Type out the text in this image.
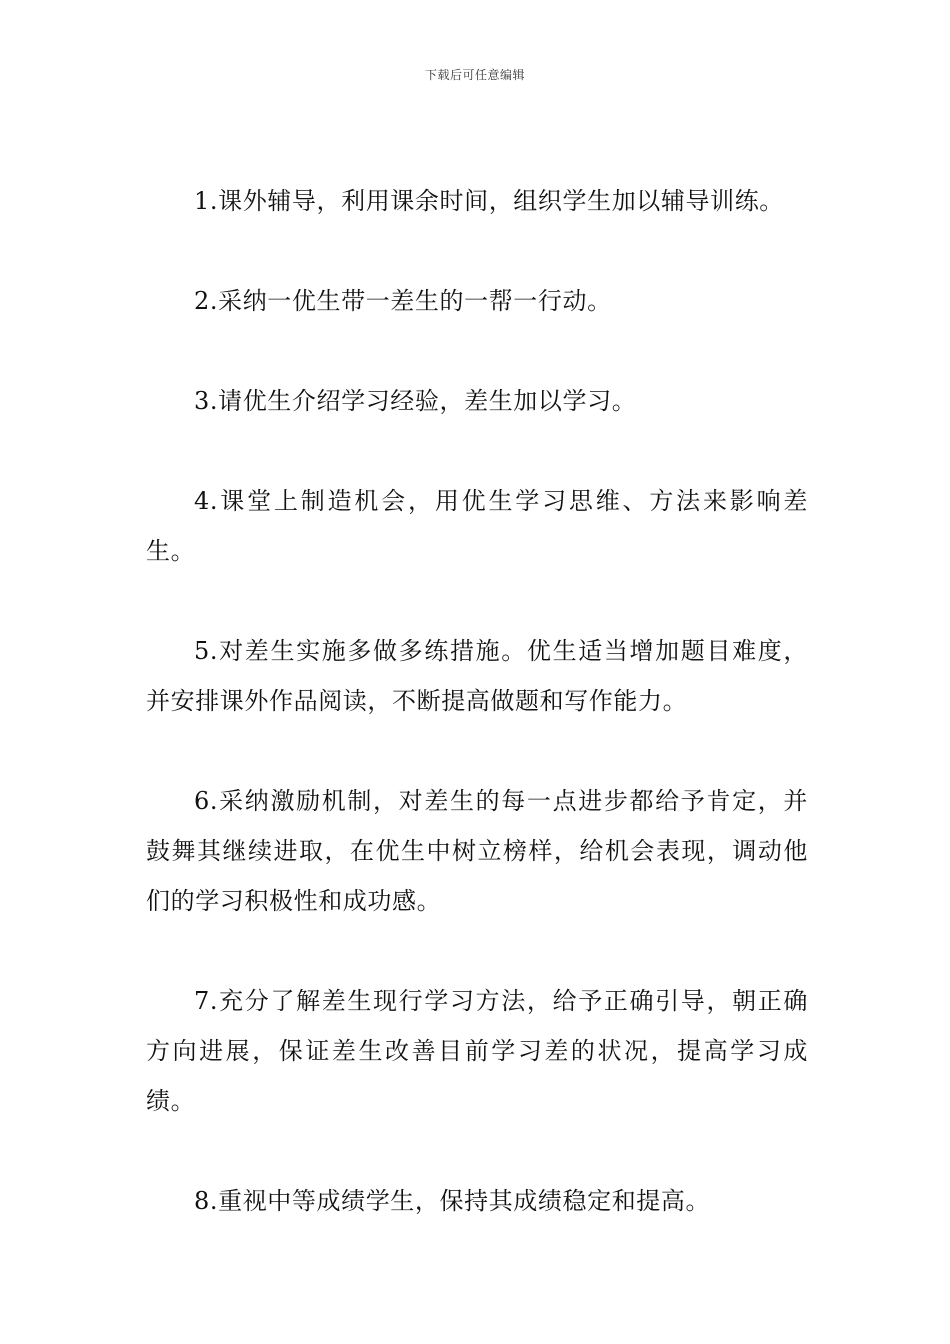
下载后可任意编辑

1.课外辅导，利用课余时间，组织学生加以辅导训练。

2.采纳一优生带一差生的一帮一行动。

3.请优生介绍学习经验，差生加以学习。

4.课堂上制造机会，用优生学习思维、方法来影响差生。

5.对差生实施多做多练措施。优生适当增加题目难度，并安排课外作品阅读，不断提高做题和写作能力。

6.采纳激励机制，对差生的每一点进步都给予肯定，并鼓舞其继续进取，在优生中树立榜样，给机会表现，调动他们的学习积极性和成功感。

7.充分了解差生现行学习方法，给予正确引导，朝正确方向进展，保证差生改善目前学习差的状况，提高学习成绩。

8.重视中等成绩学生，保持其成绩稳定和提高。
